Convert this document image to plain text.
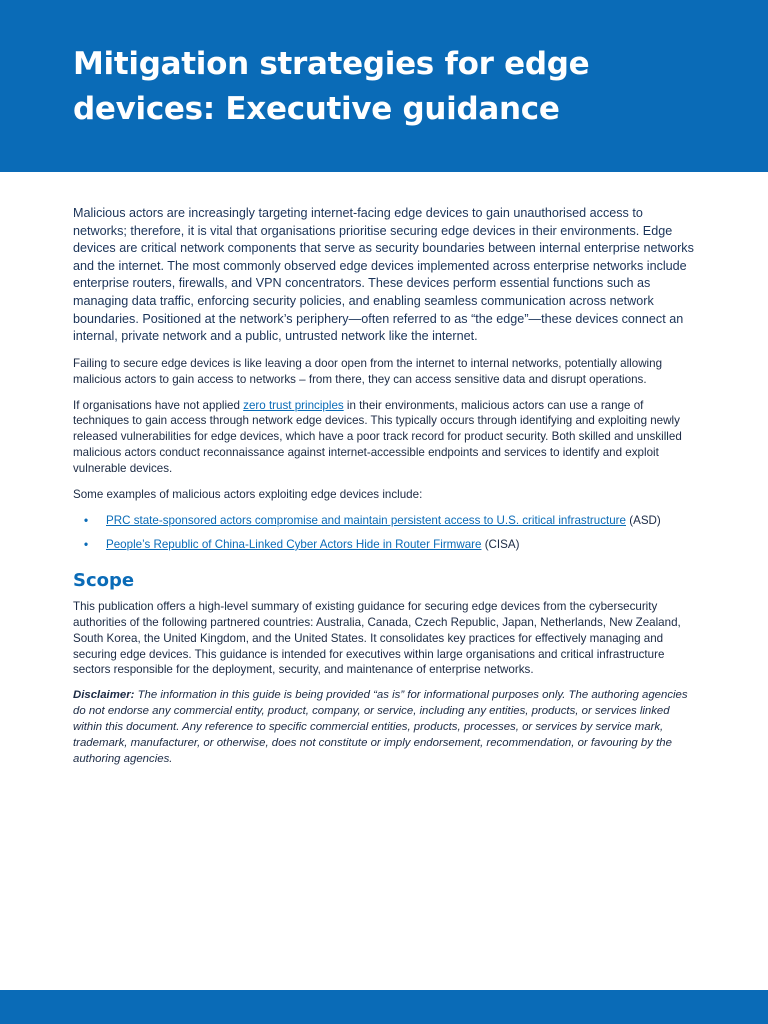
Mitigation strategies for edge devices: Executive guidance

Malicious actors are increasingly targeting internet-facing edge devices to gain unauthorised access to networks; therefore, it is vital that organisations prioritise securing edge devices in their environments. Edge devices are critical network components that serve as security boundaries between internal enterprise networks and the internet. The most commonly observed edge devices implemented across enterprise networks include enterprise routers, firewalls, and VPN concentrators. These devices perform essential functions such as managing data traffic, enforcing security policies, and enabling seamless communication across network boundaries. Positioned at the network’s periphery—often referred to as “the edge”—these devices connect an internal, private network and a public, untrusted network like the internet.

Failing to secure edge devices is like leaving a door open from the internet to internal networks, potentially allowing malicious actors to gain access to networks – from there, they can access sensitive data and disrupt operations.

If organisations have not applied zero trust principles in their environments, malicious actors can use a range of techniques to gain access through network edge devices. This typically occurs through identifying and exploiting newly released vulnerabilities for edge devices, which have a poor track record for product security. Both skilled and unskilled malicious actors conduct reconnaissance against internet-accessible endpoints and services to identify and exploit vulnerable devices.

Some examples of malicious actors exploiting edge devices include:

• PRC state-sponsored actors compromise and maintain persistent access to U.S. critical infrastructure (ASD)
• People’s Republic of China-Linked Cyber Actors Hide in Router Firmware (CISA)
Scope

This publication offers a high-level summary of existing guidance for securing edge devices from the cybersecurity authorities of the following partnered countries: Australia, Canada, Czech Republic, Japan, Netherlands, New Zealand, South Korea, the United Kingdom, and the United States. It consolidates key practices for effectively managing and securing edge devices. This guidance is intended for executives within large organisations and critical infrastructure sectors responsible for the deployment, security, and maintenance of enterprise networks.

Disclaimer: The information in this guide is being provided “as is” for informational purposes only. The authoring agencies do not endorse any commercial entity, product, company, or service, including any entities, products, or services linked within this document. Any reference to specific commercial entities, products, processes, or services by service mark, trademark, manufacturer, or otherwise, does not constitute or imply endorsement, recommendation, or favouring by the authoring agencies.
